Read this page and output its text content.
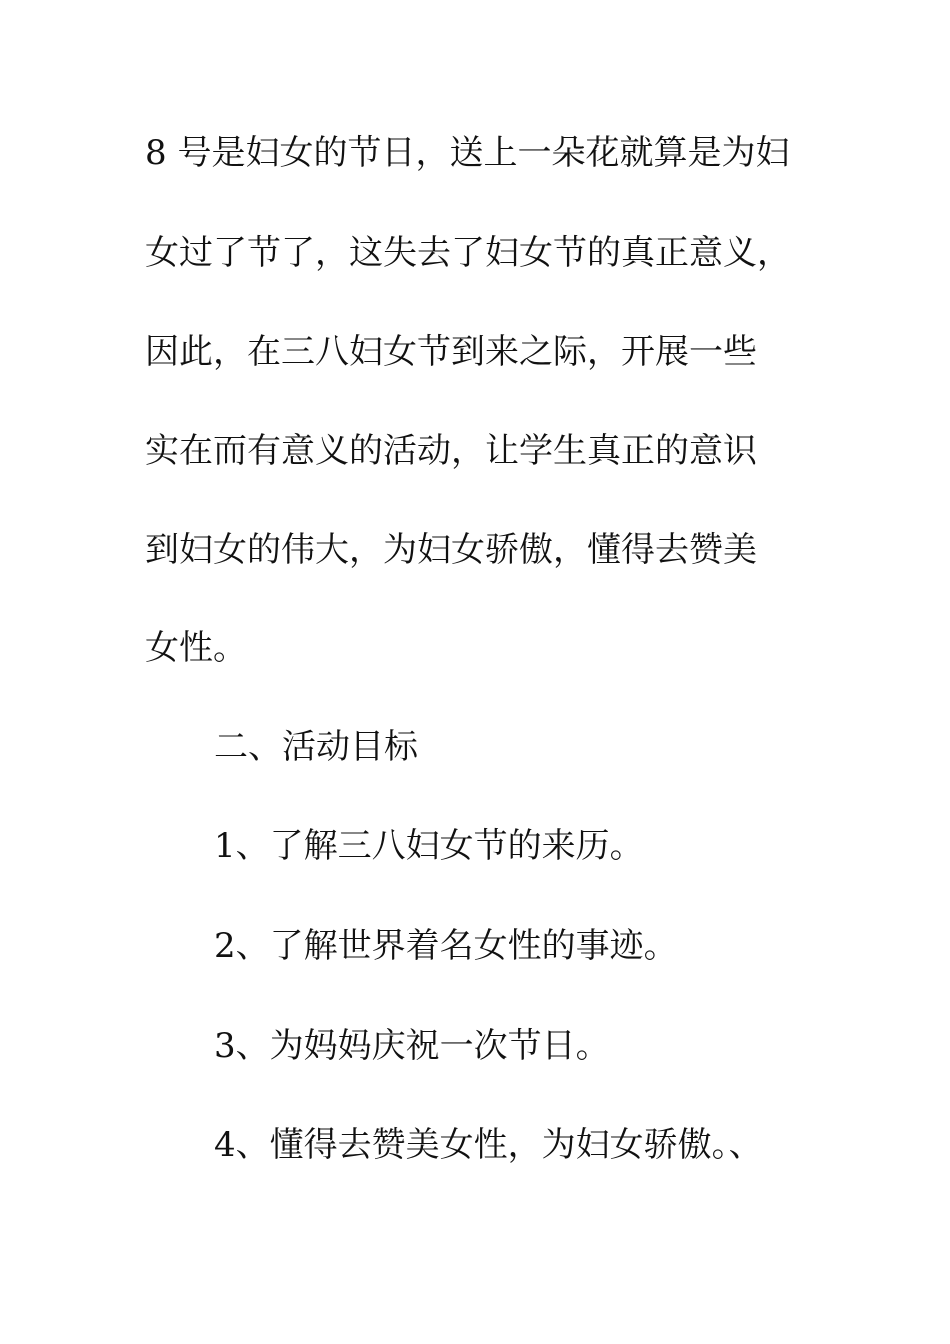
8 号是妇女的节日，送上一朵花就算是为妇
女过了节了，这失去了妇女节的真正意义，
因此，在三八妇女节到来之际，开展一些
实在而有意义的活动，让学生真正的意识
到妇女的伟大，为妇女骄傲，懂得去赞美
女性。
二、活动目标
1、了解三八妇女节的来历。
2、了解世界着名女性的事迹。
3、为妈妈庆祝一次节日。
4、懂得去赞美女性，为妇女骄傲。、
